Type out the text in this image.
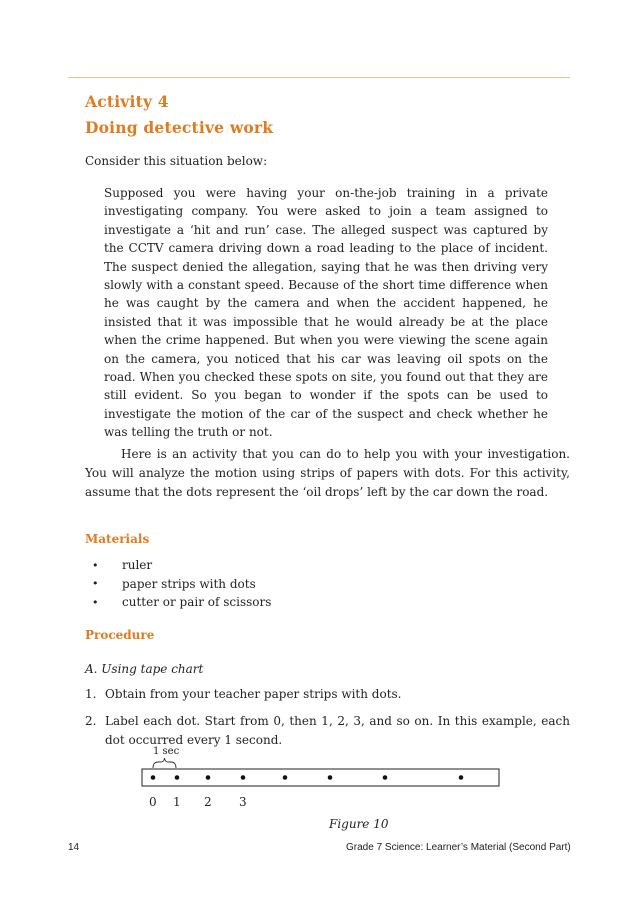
Activity 4
Doing detective work
Consider this situation below:
Supposed you were having your on-the-job training in a private investigating company. You were asked to join a team assigned to investigate a ‘hit and run’ case. The alleged suspect was captured by the CCTV camera driving down a road leading to the place of incident. The suspect denied the allegation, saying that he was then driving very slowly with a constant speed. Because of the short time difference when he was caught by the camera and when the accident happened, he insisted that it was impossible that he would already be at the place when the crime happened. But when you were viewing the scene again on the camera, you noticed that his car was leaving oil spots on the road. When you checked these spots on site, you found out that they are still evident. So you began to wonder if the spots can be used to investigate the motion of the car of the suspect and check whether he was telling the truth or not.
Here is an activity that you can do to help you with your investigation. You will analyze the motion using strips of papers with dots. For this activity, assume that the dots represent the ‘oil drops’ left by the car down the road.
Materials
•	ruler
•	paper strips with dots
•	cutter or pair of scissors
Procedure
A. Using tape chart
1. Obtain from your teacher paper strips with dots.
2. Label each dot. Start from 0, then 1, 2, 3, and so on. In this example, each dot occurred every 1 second.
1 sec
0 1 2 3
Figure 10
14	Grade 7 Science: Learner’s Material (Second Part)
